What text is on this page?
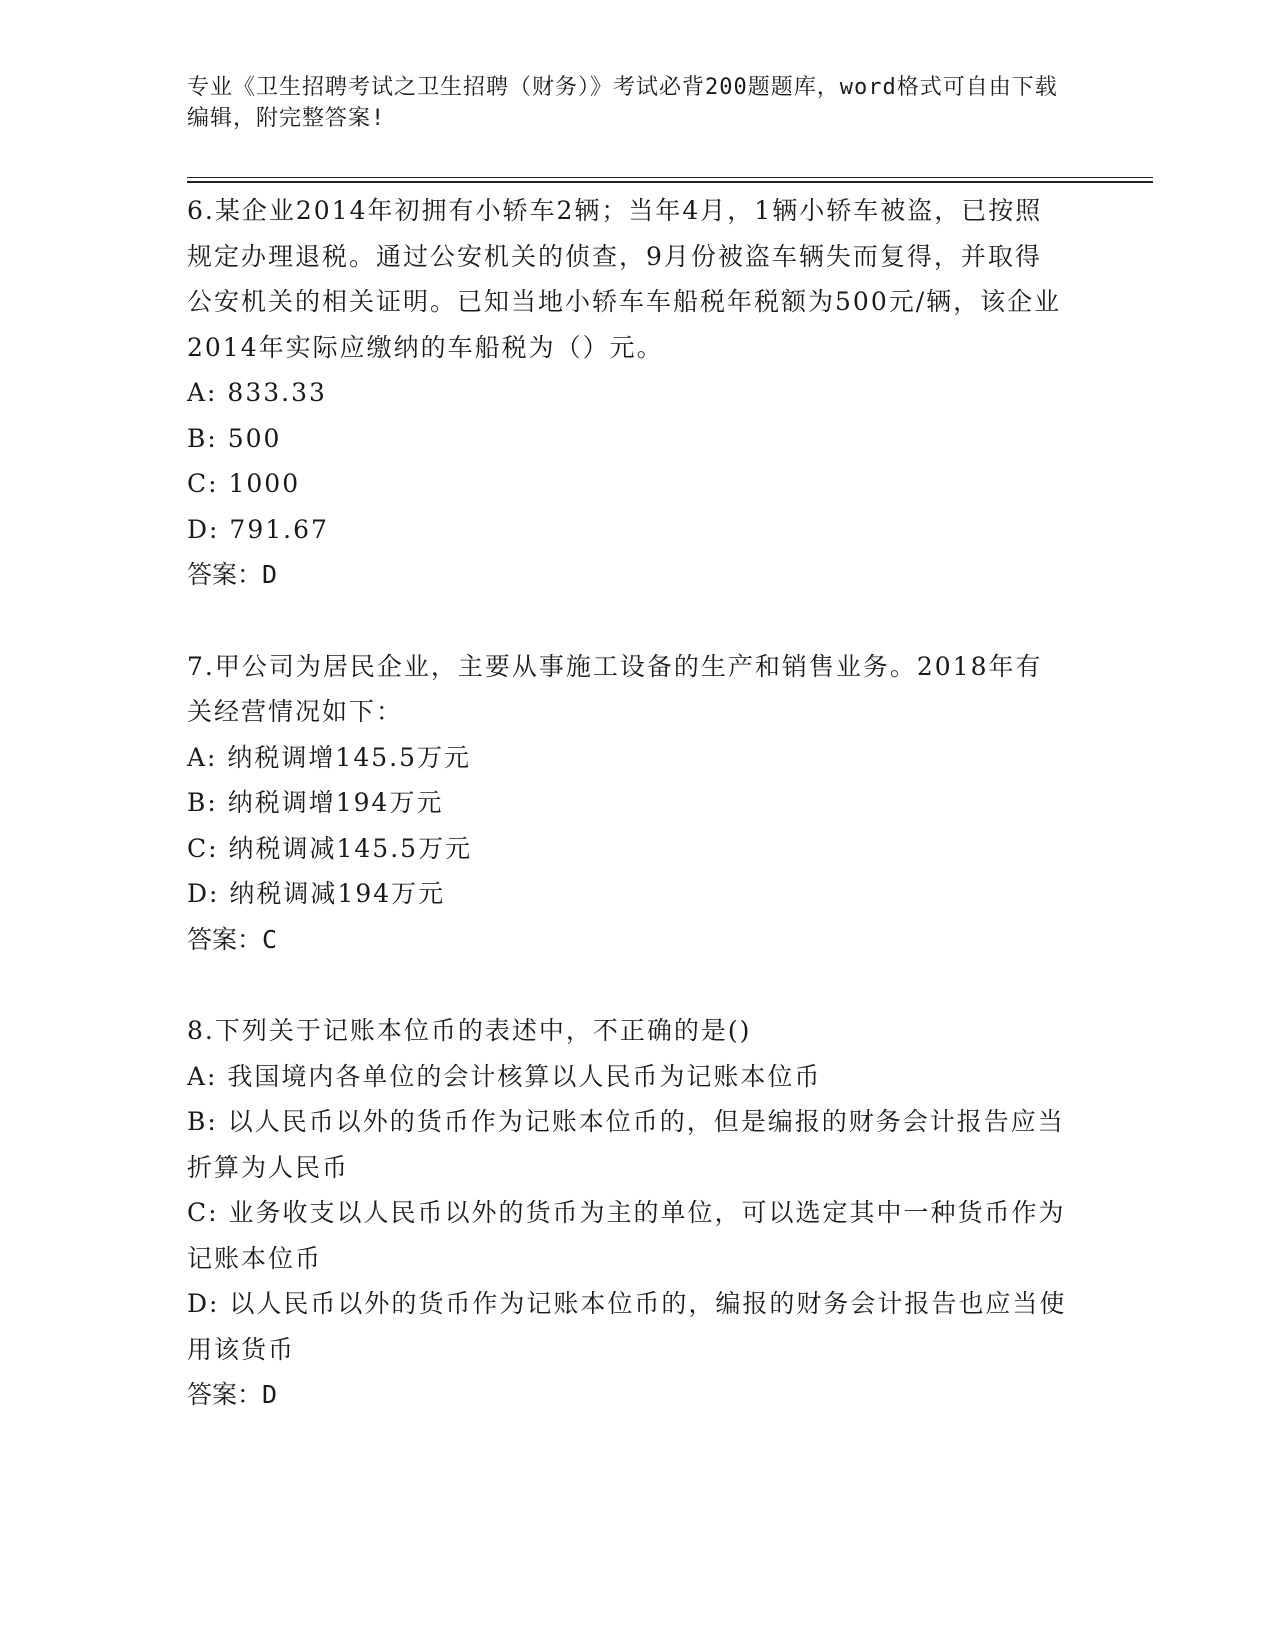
专业《卫生招聘考试之卫生招聘（财务）》考试必背200题题库，word格式可自由下载编辑，附完整答案!

6.某企业2014年初拥有小轿车2辆；当年4月，1辆小轿车被盗，已按照规定办理退税。通过公安机关的侦查，9月份被盗车辆失而复得，并取得公安机关的相关证明。已知当地小轿车车船税年税额为500元/辆，该企业2014年实际应缴纳的车船税为（）元。

A: 833.33

B: 500

C: 1000

D: 791.67

答案：D

7.甲公司为居民企业，主要从事施工设备的生产和销售业务。2018年有关经营情况如下：

A: 纳税调增145.5万元

B: 纳税调增194万元

C: 纳税调减145.5万元

D: 纳税调减194万元

答案：C

8.下列关于记账本位币的表述中，不正确的是()

A: 我国境内各单位的会计核算以人民币为记账本位币

B: 以人民币以外的货币作为记账本位币的，但是编报的财务会计报告应当折算为人民币

C: 业务收支以人民币以外的货币为主的单位，可以选定其中一种货币作为记账本位币

D: 以人民币以外的货币作为记账本位币的，编报的财务会计报告也应当使用该货币

答案：D
